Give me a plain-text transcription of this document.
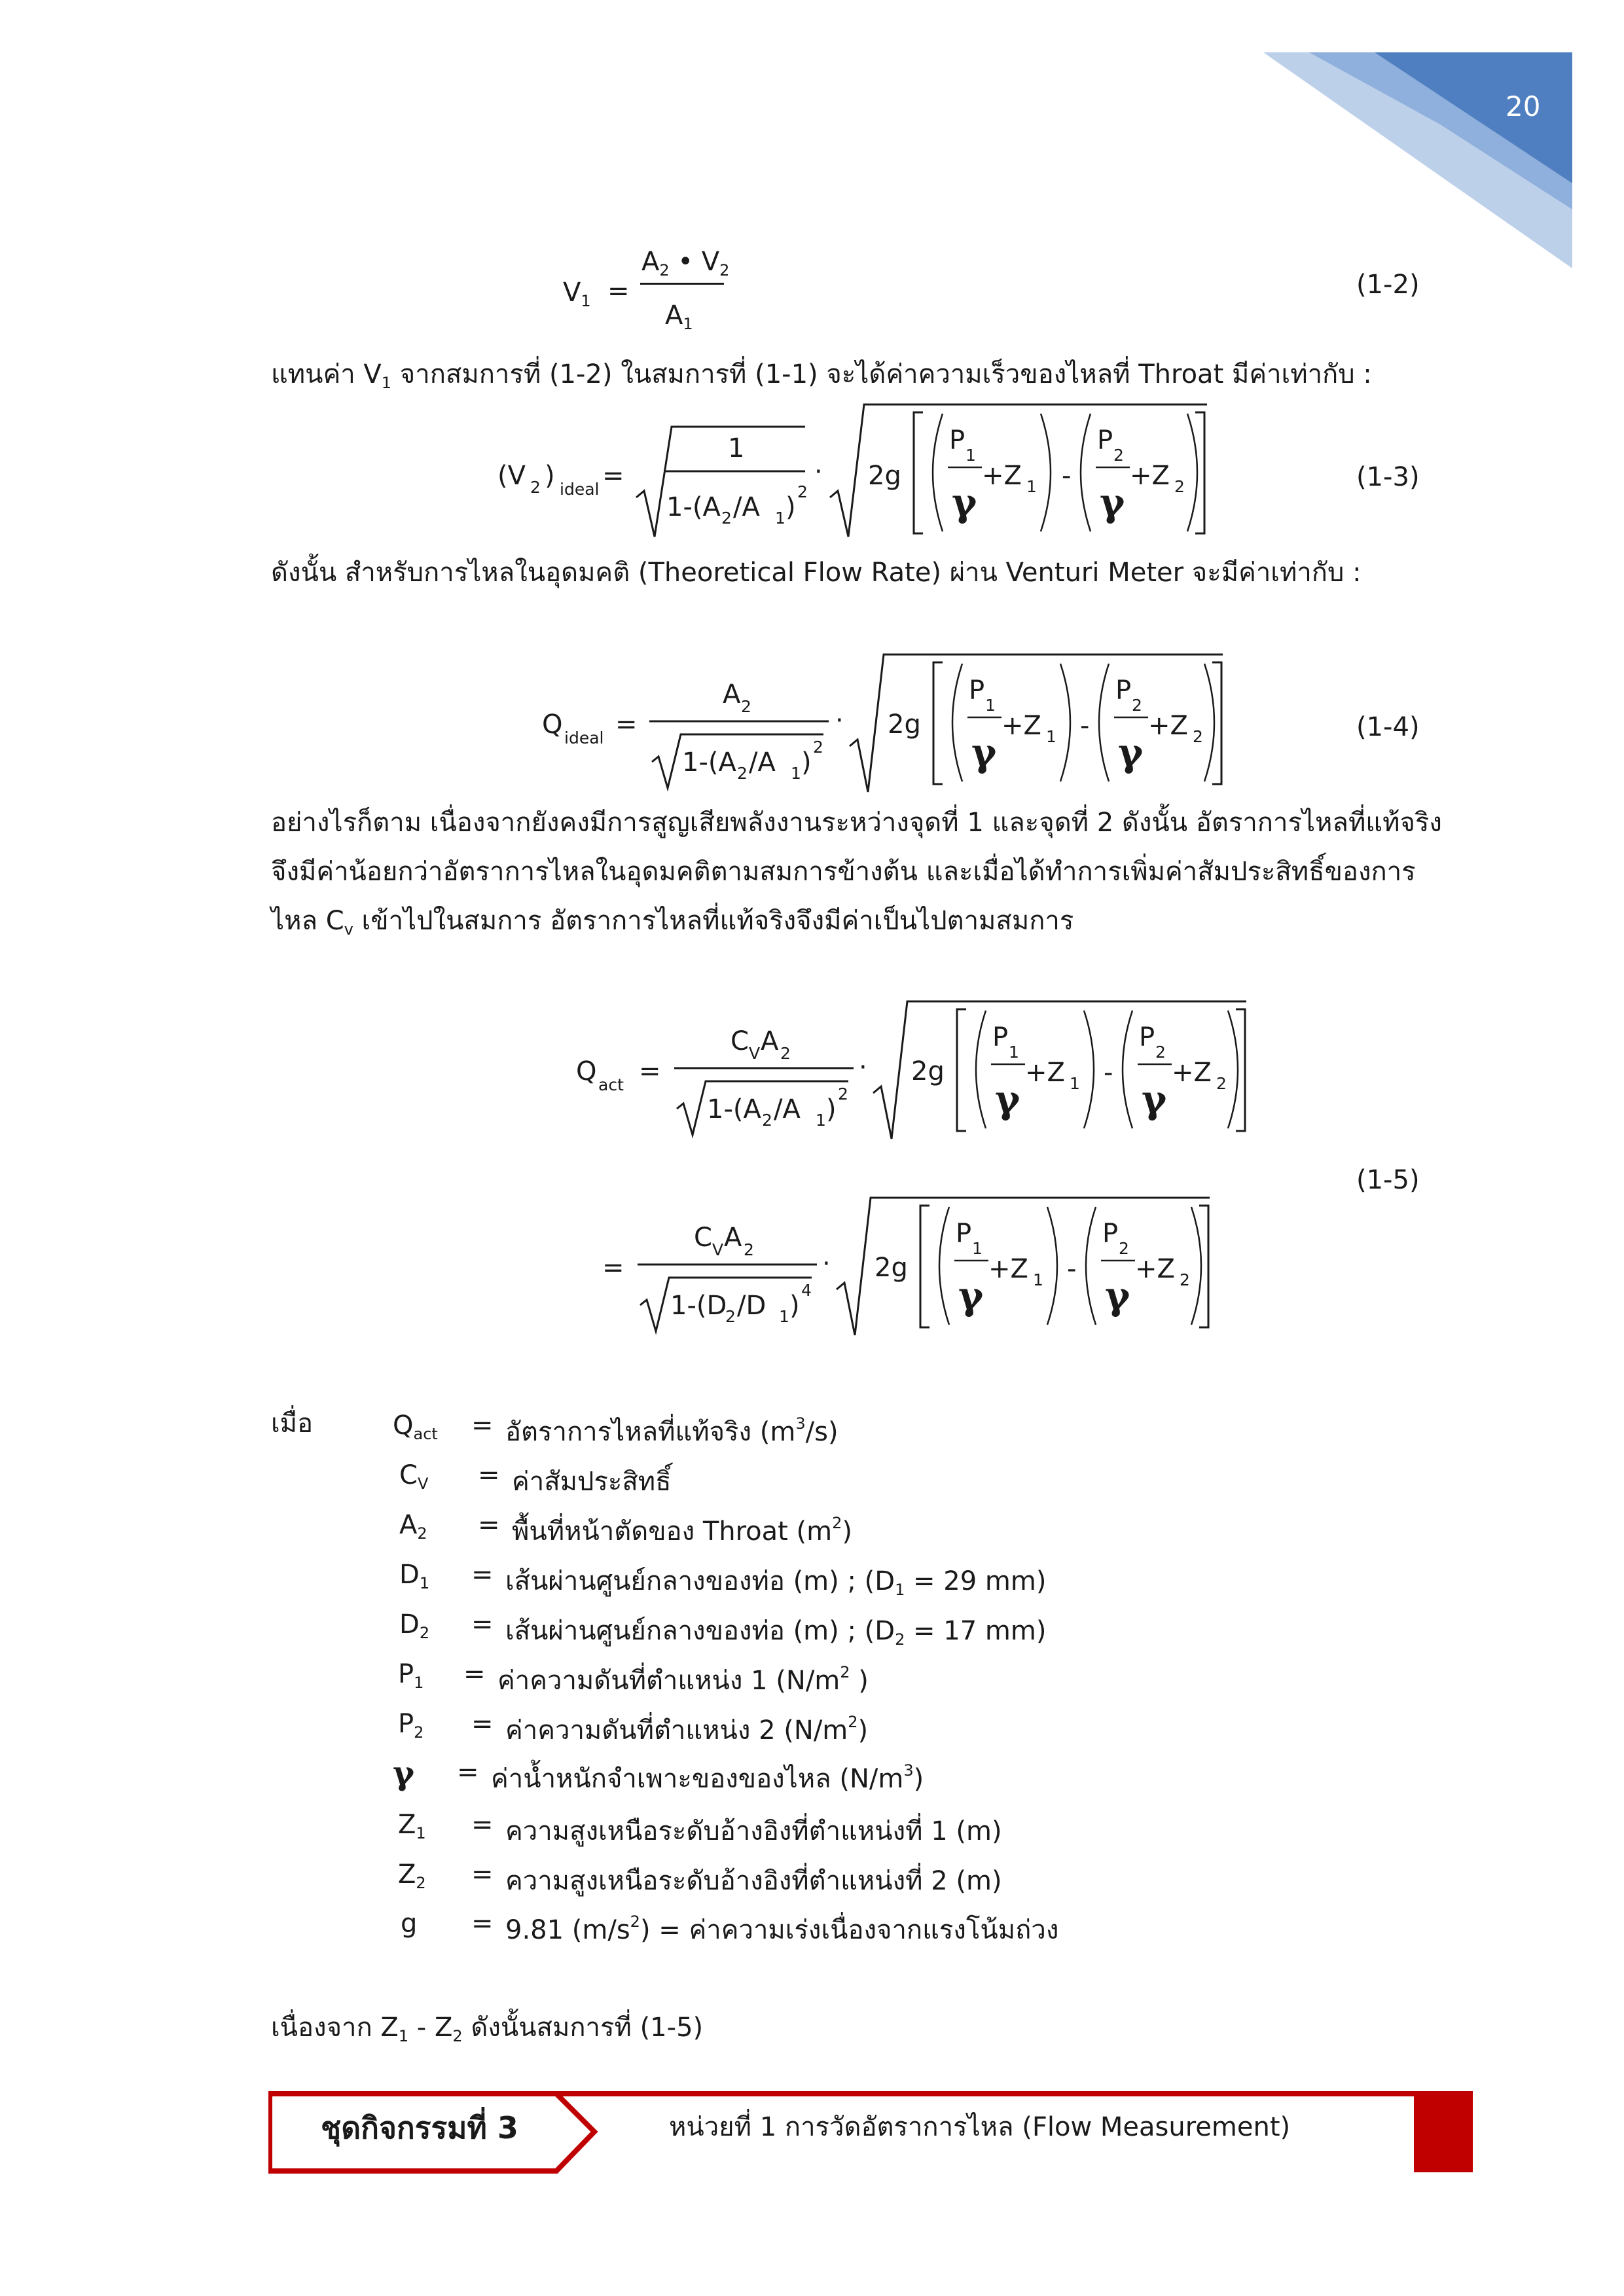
20
$V_1$ =
$A_2$ • $V_2$
$A_1$
(1-2)
แทนค่า $V_1$ จากสมการที่ (1-2) ในสมการที่ (1-1) จะได้ค่าความเร็วของไหลที่ Throat มีค่าเท่ากับ :
(V 2 ) ideal =
1
1-(A 2 /A 1 )
2
· 2g
P 1
γ
+Z 1 -
P 2
γ
+Z 2	(1-3)
ดังนั้น สำหรับการไหลในอุดมคติ (Theoretical Flow Rate) ผ่าน Venturi Meter จะมีค่าเท่ากับ :
Q ideal =
A 2
1-(A 2 /A 1 )
2
· 2g
P 1
γ
+Z 1 -
P 2
γ
+Z 2	(1-4)
อย่างไรก็ตาม เนื่องจากยังคงมีการสูญเสียพลังงานระหว่างจุดที่ 1 และจุดที่ 2 ดังนั้น อัตราการไหลที่แท้จริง
จึงมีค่าน้อยกว่าอัตราการไหลในอุดมคติตามสมการข้างต้น และเมื่อได้ทำการเพิ่มค่าสัมประสิทธิ์ของการ
ไหล $C_v$ เข้าไปในสมการ อัตราการไหลที่แท้จริงจึงมีค่าเป็นไปตามสมการ
Q act =
C V A 2
1-(A 2 /A 1 )
2
· 2g
P 1
γ
+Z 1 -
P 2
γ
+Z 2
(1-5)
=
C V A 2
1-(D
2 /D 1 )
4
· 2g
P 1
γ
+Z 1 -
P 2
γ
+Z 2
เมื่อ	$Q_{act}$ = อัตราการไหลที่แท้จริง $(m^3/s)$
$C_V$ = ค่าสัมประสิทธิ์
$A_2$ = พื้นที่หน้าตัดของ Throat $(m^2)$
$D_1$ = เส้นผ่านศูนย์กลางของท่อ (m) ; ($D_1 = 29$ mm)
$D_2$ = เส้นผ่านศูนย์กลางของท่อ (m) ; ($D_2 = 17$ mm)
$P_1$ = ค่าความดันที่ตำแหน่ง 1 ($N/m^2$ )
$P_2$ = ค่าความดันที่ตำแหน่ง 2 $(N/m^2)$
γ = ค่าน้ำหนักจำเพาะของของไหล $(N/m^3)$
$Z_1$ = ความสูงเหนือระดับอ้างอิงที่ตำแหน่งที่ 1 (m)
$Z_2$ = ความสูงเหนือระดับอ้างอิงที่ตำแหน่งที่ 2 (m)
g = 9.81 $(m/s^2)$ = ค่าความเร่งเนื่องจากแรงโน้มถ่วง
เนื่องจาก $Z_1 - Z_2$ ดังนั้นสมการที่ (1-5)
ชุดกิจกรรมที่ 3	หน่วยที่ 1 การวัดอัตราการไหล (Flow Measurement)
